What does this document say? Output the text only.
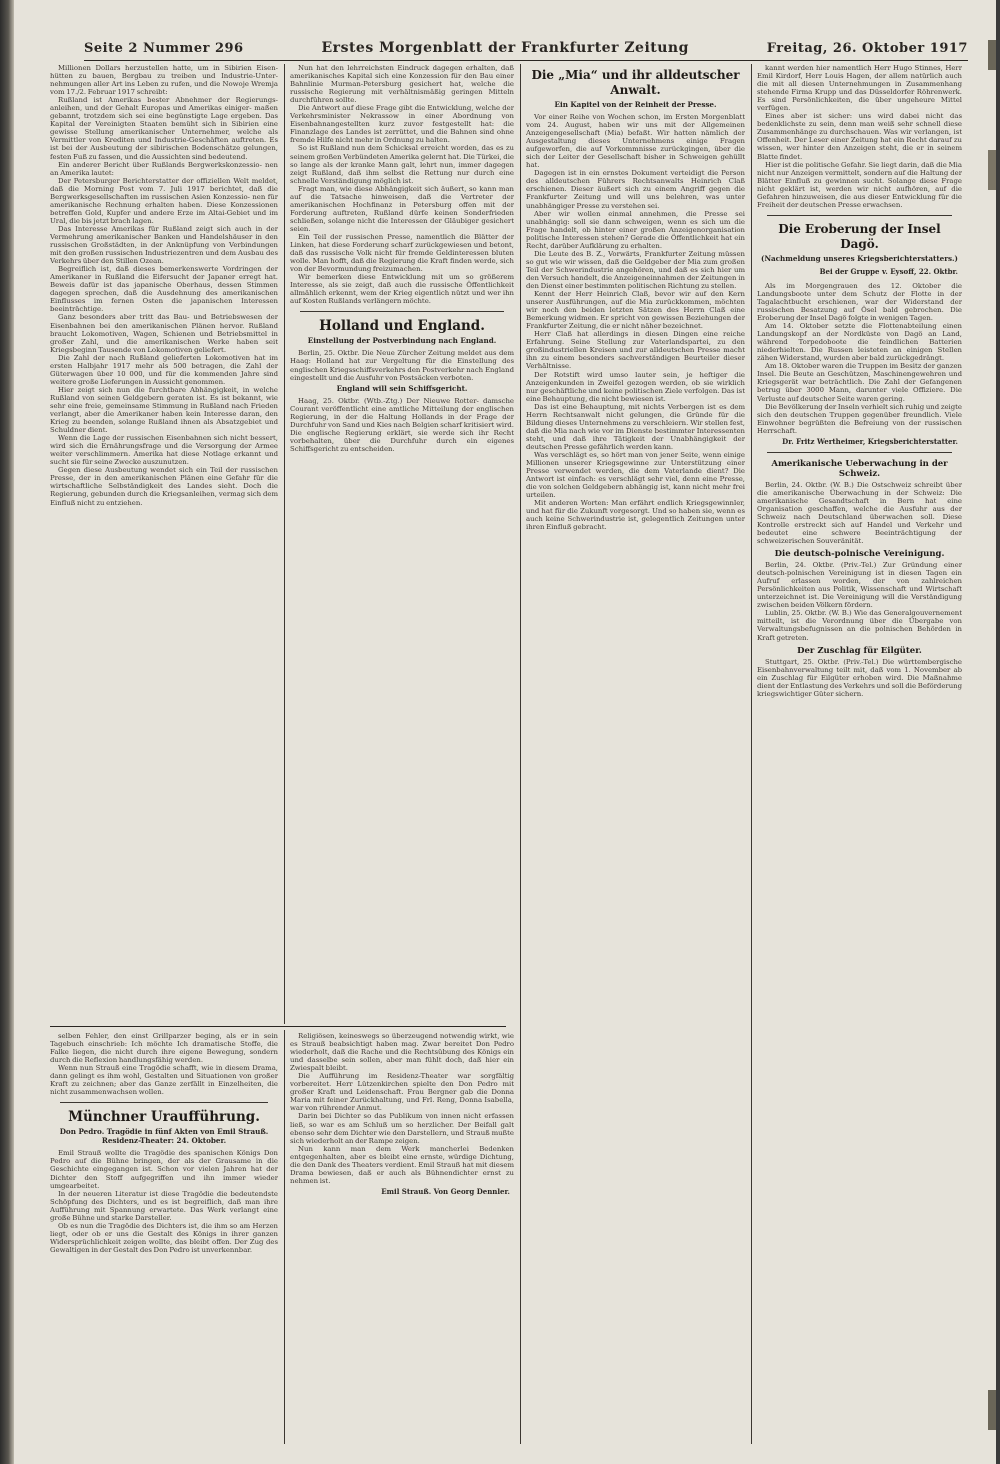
Seite 2 Nummer 296	Erstes Morgenblatt der Frankfurter Zeitung	Freitag, 26. Oktober 1917

Millionen Dollars herzustellen hatte, um in Sibirien Eisen- hütten zu bauen, Bergbau zu treiben und Industrie-Unter- nehmungen aller Art ins Leben zu rufen, und die Nowoje Wremja vom 17./2. Februar 1917 schreibt:

Rußland ist Amerikas bester Abnehmer der Regierungs- anleihen, und der Gehalt Europas und Amerikas einiger- maßen gebannt, trotzdem sich sei eine begünstigte Lage ergeben. Das Kapital der Vereinigten Staaten bemüht sich in Sibirien eine gewisse Stellung amerikanischer Unternehmer, welche als Vermittler von Krediten und Industrie-Geschäften auftreten. Es ist bei der Ausbeutung der sibirischen Bodenschätze gelungen, festen Fuß zu fassen, und die Aussichten sind bedeutend.

Ein anderer Bericht über Rußlands Bergwerkskonzessio- nen an Amerika lautet:

Der Petersburger Berichterstatter der offiziellen Welt meldet, daß die Morning Post vom 7. Juli 1917 berichtet, daß die Bergwerksgesellschaften im russischen Asien Konzessio- nen für amerikanische Rechnung erhalten haben. Diese Konzessionen betreffen Gold, Kupfer und andere Erze im Altai-Gebiet und im Ural, die bis jetzt brach lagen.

Das Interesse Amerikas für Rußland zeigt sich auch in der Vermehrung amerikanischer Banken und Handelshäuser in den russischen Großstädten, in der Anknüpfung von Verbindungen mit den großen russischen Industriezentren und dem Ausbau des Verkehrs über den Stillen Ozean.

Begreiflich ist, daß dieses bemerkenswerte Vordringen der Amerikaner in Rußland die Eifersucht der Japaner erregt hat. Beweis dafür ist das japanische Oberhaus, dessen Stimmen dagegen sprechen, daß die Ausdehnung des amerikanischen Einflusses im fernen Osten die japanischen Interessen beeinträchtige.

Ganz besonders aber tritt das Bau- und Betriebswesen der Eisenbahnen bei den amerikanischen Plänen hervor. Rußland braucht Lokomotiven, Wagen, Schienen und Betriebsmittel in großer Zahl, und die amerikanischen Werke haben seit Kriegsbeginn Tausende von Lokomotiven geliefert.

Die Zahl der nach Rußland gelieferten Lokomotiven hat im ersten Halbjahr 1917 mehr als 500 betragen, die Zahl der Güterwagen über 10 000, und für die kommenden Jahre sind weitere große Lieferungen in Aussicht genommen.

Hier zeigt sich nun die furchtbare Abhängigkeit, in welche Rußland von seinen Geldgebern geraten ist. Es ist bekannt, wie sehr eine freie, gemeinsame Stimmung in Rußland nach Frieden verlangt, aber die Amerikaner haben kein Interesse daran, den Krieg zu beenden, solange Rußland ihnen als Absatzgebiet und Schuldner dient.

Wenn die Lage der russischen Eisenbahnen sich nicht bessert, wird sich die Ernährungsfrage und die Versorgung der Armee weiter verschlimmern. Amerika hat diese Notlage erkannt und sucht sie für seine Zwecke auszunutzen.

Gegen diese Ausbeutung wendet sich ein Teil der russischen Presse, der in den amerikanischen Plänen eine Gefahr für die wirtschaftliche Selbständigkeit des Landes sieht. Doch die Regierung, gebunden durch die Kriegsanleihen, vermag sich dem Einfluß nicht zu entziehen.

Nun hat den lehrreichsten Eindruck dagegen erhalten, daß amerikanisches Kapital sich eine Konzession für den Bau einer Bahnlinie Murman-Petersburg gesichert hat, welche die russische Regierung mit verhältnismäßig geringen Mitteln durchführen sollte.

Die Antwort auf diese Frage gibt die Entwicklung, welche der Verkehrsminister Nekrassow in einer Abordnung von Eisenbahnangestellten kurz zuvor festgestellt hat: die Finanzlage des Landes ist zerrüttet, und die Bahnen sind ohne fremde Hilfe nicht mehr in Ordnung zu halten.

So ist Rußland nun dem Schicksal erreicht worden, das es zu seinem großen Verbündeten Amerika gelernt hat. Die Türkei, die so lange als der kranke Mann galt, lehrt nun, immer dagegen zeigt Rußland, daß ihm selbst die Rettung nur durch eine schnelle Verständigung möglich ist.

Fragt man, wie diese Abhängigkeit sich äußert, so kann man auf die Tatsache hinweisen, daß die Vertreter der amerikanischen Hochfinanz in Petersburg offen mit der Forderung auftreten, Rußland dürfe keinen Sonderfrieden schließen, solange nicht die Interessen der Gläubiger gesichert seien.

Ein Teil der russischen Presse, namentlich die Blätter der Linken, hat diese Forderung scharf zurückgewiesen und betont, daß das russische Volk nicht für fremde Geldinteressen bluten wolle. Man hofft, daß die Regierung die Kraft finden werde, sich von der Bevormundung freizumachen.

Wir bemerken diese Entwicklung mit um so größerem Interesse, als sie zeigt, daß auch die russische Öffentlichkeit allmählich erkennt, wem der Krieg eigentlich nützt und wer ihn auf Kosten Rußlands verlängern möchte.

Holland und England.
Einstellung der Postverbindung nach England.

Berlin, 25. Oktbr. Die Neue Zürcher Zeitung meldet aus dem Haag: Holland hat zur Vergeltung für die Einstellung des englischen Kriegsschiffsverkehrs den Postverkehr nach England eingestellt und die Ausfuhr von Postsäcken verboten.

England will sein Schiffsgericht.

Haag, 25. Oktbr. (Wtb.-Ztg.) Der Nieuwe Rotter- damsche Courant veröffentlicht eine amtliche Mitteilung der englischen Regierung, in der die Haltung Hollands in der Frage der Durchfuhr von Sand und Kies nach Belgien scharf kritisiert wird. Die englische Regierung erklärt, sie werde sich ihr Recht vorbehalten, über die Durchfuhr durch ein eigenes Schiffsgericht zu entscheiden.

Die „Mia“ und ihr alldeutscher Anwalt.
Ein Kapitel von der Reinheit der Presse.

Vor einer Reihe von Wochen schon, im Ersten Morgenblatt vom 24. August, haben wir uns mit der Allgemeinen Anzeigengesellschaft (Mia) befaßt. Wir hatten nämlich der Ausgestaltung dieses Unternehmens einige Fragen aufgeworfen, die auf Vorkommnisse zurückgingen, über die sich der Leiter der Gesellschaft bisher in Schweigen gehüllt hat.

Dagegen ist in ein ernstes Dokument verteidigt die Person des alldeutschen Führers Rechtsanwalts Heinrich Claß erschienen. Dieser äußert sich zu einem Angriff gegen die Frankfurter Zeitung und will uns belehren, was unter unabhängiger Presse zu verstehen sei.

Aber wir wollen einmal annehmen, die Presse sei unabhängig: soll sie dann schweigen, wenn es sich um die Frage handelt, ob hinter einer großen Anzeigenorganisation politische Interessen stehen? Gerade die Öffentlichkeit hat ein Recht, darüber Aufklärung zu erhalten.

Die Leute des B. Z., Vorwärts, Frankfurter Zeitung müssen so gut wie wir wissen, daß die Geldgeber der Mia zum großen Teil der Schwerindustrie angehören, und daß es sich hier um den Versuch handelt, die Anzeigeneinnahmen der Zeitungen in den Dienst einer bestimmten politischen Richtung zu stellen.

Kennt der Herr Heinrich Claß, bevor wir auf den Kern unserer Ausführungen, auf die Mia zurückkommen, möchten wir noch den beiden letzten Sätzen des Herrn Claß eine Bemerkung widmen. Er spricht von gewissen Beziehungen der Frankfurter Zeitung, die er nicht näher bezeichnet.

Herr Claß hat allerdings in diesen Dingen eine reiche Erfahrung. Seine Stellung zur Vaterlandspartei, zu den großindustriellen Kreisen und zur alldeutschen Presse macht ihn zu einem besonders sachverständigen Beurteiler dieser Verhältnisse.

Der Rotstift wird umso lauter sein, je heftiger die Anzeigenkunden in Zweifel gezogen werden, ob sie wirklich nur geschäftliche und keine politischen Ziele verfolgen. Das ist eine Behauptung, die nicht bewiesen ist.

Das ist eine Behauptung, mit nichts Verbergen ist es dem Herrn Rechtsanwalt nicht gelungen, die Gründe für die Bildung dieses Unternehmens zu verschleiern. Wir stellen fest, daß die Mia nach wie vor im Dienste bestimmter Interessenten steht, und daß ihre Tätigkeit der Unabhängigkeit der deutschen Presse gefährlich werden kann.

Was verschlägt es, so hört man von jener Seite, wenn einige Millionen unserer Kriegsgewinne zur Unterstützung einer Presse verwendet werden, die dem Vaterlande dient? Die Antwort ist einfach: es verschlägt sehr viel, denn eine Presse, die von solchen Geldgebern abhängig ist, kann nicht mehr frei urteilen.

Mit anderen Worten: Man erfährt endlich Kriegsgewinnler, und hat für die Zukunft vorgesorgt. Und so haben sie, wenn es auch keine Schwerindustrie ist, gelegentlich Zeitungen unter ihren Einfluß gebracht.

kannt werden hier namentlich Herr Hugo Stinnes, Herr Emil Kirdorf, Herr Louis Hagen, der allem natürlich auch die mit all diesen Unternehmungen in Zusammenhang stehende Firma Krupp und das Düsseldorfer Röhrenwerk. Es sind Persönlichkeiten, die über ungeheure Mittel verfügen.

Eines aber ist sicher: uns wird dabei nicht das bedenklichste zu sein, denn man weiß sehr schnell diese Zusammenhänge zu durchschauen. Was wir verlangen, ist Offenheit. Der Leser einer Zeitung hat ein Recht darauf zu wissen, wer hinter den Anzeigen steht, die er in seinem Blatte findet.

Hier ist die politische Gefahr. Sie liegt darin, daß die Mia nicht nur Anzeigen vermittelt, sondern auf die Haltung der Blätter Einfluß zu gewinnen sucht. Solange diese Frage nicht geklärt ist, werden wir nicht aufhören, auf die Gefahren hinzuweisen, die aus dieser Entwicklung für die Freiheit der deutschen Presse erwachsen.

Die Eroberung der Insel Dagö.
(Nachmeldung unseres Kriegsberichterstatters.)
Bei der Gruppe v. Eysoff, 22. Oktbr.

Als im Morgengrauen des 12. Oktober die Landungsboote unter dem Schutz der Flotte in der Tagalachtbucht erschienen, war der Widerstand der russischen Besatzung auf Ösel bald gebrochen. Die Eroberung der Insel Dagö folgte in wenigen Tagen.

Am 14. Oktober setzte die Flottenabteilung einen Landungskopf an der Nordküste von Dagö an Land, während Torpedoboote die feindlichen Batterien niederhielten. Die Russen leisteten an einigen Stellen zähen Widerstand, wurden aber bald zurückgedrängt.

Am 18. Oktober waren die Truppen im Besitz der ganzen Insel. Die Beute an Geschützen, Maschinengewehren und Kriegsgerät war beträchtlich. Die Zahl der Gefangenen betrug über 3000 Mann, darunter viele Offiziere. Die Verluste auf deutscher Seite waren gering.

Die Bevölkerung der Inseln verhielt sich ruhig und zeigte sich den deutschen Truppen gegenüber freundlich. Viele Einwohner begrüßten die Befreiung von der russischen Herrschaft.

Dr. Fritz Wertheimer, Kriegsberichterstatter.
Amerikanische Ueberwachung in der Schweiz.

Berlin, 24. Oktbr. (W. B.) Die Ostschweiz schreibt über die amerikanische Überwachung in der Schweiz: Die amerikanische Gesandtschaft in Bern hat eine Organisation geschaffen, welche die Ausfuhr aus der Schweiz nach Deutschland überwachen soll. Diese Kontrolle erstreckt sich auf Handel und Verkehr und bedeutet eine schwere Beeinträchtigung der schweizerischen Souveränität.

Die deutsch-polnische Vereinigung.

Berlin, 24. Oktbr. (Priv.-Tel.) Zur Gründung einer deutsch-polnischen Vereinigung ist in diesen Tagen ein Aufruf erlassen worden, der von zahlreichen Persönlichkeiten aus Politik, Wissenschaft und Wirtschaft unterzeichnet ist. Die Vereinigung will die Verständigung zwischen beiden Völkern fördern.

Lublin, 25. Oktbr. (W. B.) Wie das Generalgouvernement mitteilt, ist die Verordnung über die Übergabe von Verwaltungsbefugnissen an die polnischen Behörden in Kraft getreten.

Der Zuschlag für Eilgüter.

Stuttgart, 25. Oktbr. (Priv.-Tel.) Die württembergische Eisenbahnverwaltung teilt mit, daß vom 1. November ab ein Zuschlag für Eilgüter erhoben wird. Die Maßnahme dient der Entlastung des Verkehrs und soll die Beförderung kriegswichtiger Güter sichern.

selben Fehler, den einst Grillparzer beging, als er in sein Tagebuch einschrieb: Ich möchte Ich dramatische Stoffe, die Falke liegen, die nicht durch ihre eigene Bewegung, sondern durch die Reflexion handlungsfähig werden.

Wenn nun Strauß eine Tragödie schafft, wie in diesem Drama, dann gelingt es ihm wohl, Gestalten und Situationen von großer Kraft zu zeichnen; aber das Ganze zerfällt in Einzelheiten, die nicht zusammenwachsen wollen.

Münchner Uraufführung.
Don Pedro. Tragödie in fünf Akten von Emil Strauß. Residenz-Theater: 24. Oktober.

Emil Strauß wollte die Tragödie des spanischen Königs Don Pedro auf die Bühne bringen, der als der Grausame in die Geschichte eingegangen ist. Schon vor vielen Jahren hat der Dichter den Stoff aufgegriffen und ihn immer wieder umgearbeitet.

In der neueren Literatur ist diese Tragödie die bedeutendste Schöpfung des Dichters, und es ist begreiflich, daß man ihre Aufführung mit Spannung erwartete. Das Werk verlangt eine große Bühne und starke Darsteller.

Ob es nun die Tragödie des Dichters ist, die ihm so am Herzen liegt, oder ob er uns die Gestalt des Königs in ihrer ganzen Widersprüchlichkeit zeigen wollte, das bleibt offen. Der Zug des Gewaltigen in der Gestalt des Don Pedro ist unverkennbar.

Religiösen, keineswegs so überzeugend notwendig wirkt, wie es Strauß beabsichtigt haben mag. Zwar bereitet Don Pedro wiederholt, daß die Rache und die Rechtsübung des Königs ein und dasselbe sein sollen, aber man fühlt doch, daß hier ein Zwiespalt bleibt.

Die Aufführung im Residenz-Theater war sorgfältig vorbereitet. Herr Lützenkirchen spielte den Don Pedro mit großer Kraft und Leidenschaft. Frau Bergner gab die Donna Maria mit feiner Zurückhaltung, und Frl. Reng, Donna Isabella, war von rührender Anmut.

Darin bei Dichter so das Publikum von innen nicht erfassen ließ, so war es am Schluß um so herzlicher. Der Beifall galt ebenso sehr dem Dichter wie den Darstellern, und Strauß mußte sich wiederholt an der Rampe zeigen.

Nun kann man dem Werk mancherlei Bedenken entgegenhalten, aber es bleibt eine ernste, würdige Dichtung, die den Dank des Theaters verdient. Emil Strauß hat mit diesem Drama bewiesen, daß er auch als Bühnendichter ernst zu nehmen ist.

Emil Strauß. Von Georg Dennler.
